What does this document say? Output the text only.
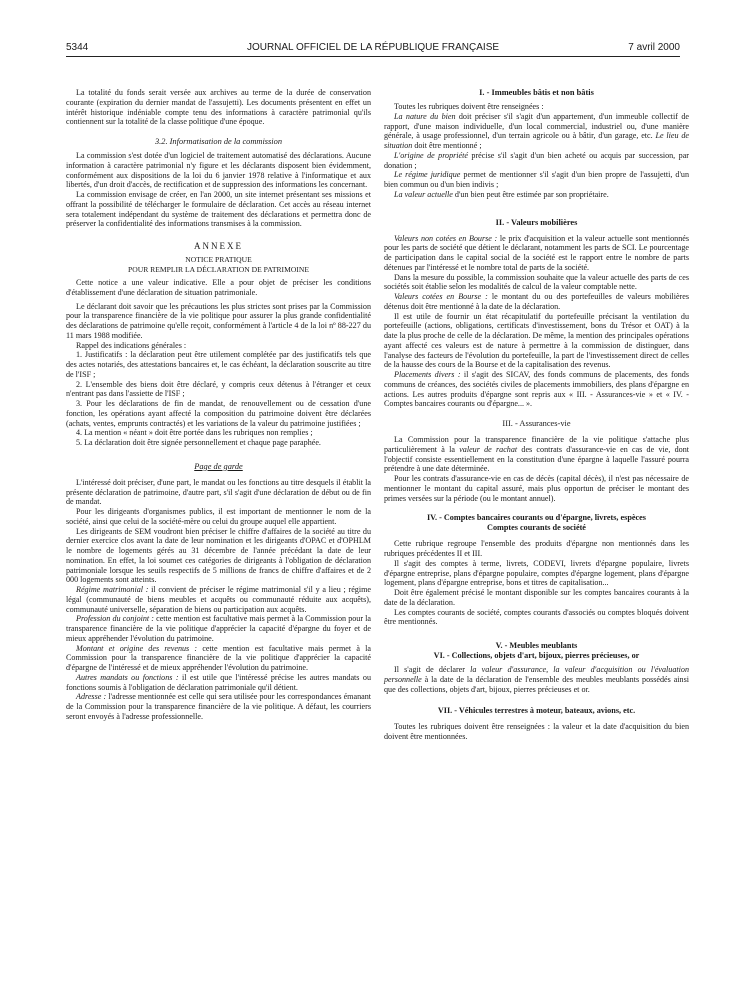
5344	JOURNAL OFFICIEL DE LA RÉPUBLIQUE FRANÇAISE	7 avril 2000

La totalité du fonds serait versée aux archives au terme de la durée de conservation courante (expiration du dernier mandat de l'assujetti). Les documents présentent en effet un intérêt historique indéniable compte tenu des informations à caractère patrimonial qu'ils contiennent sur la totalité de la classe politique d'une époque.

3.2. Informatisation de la commission

La commission s'est dotée d'un logiciel de traitement automatisé des déclarations. Aucune information à caractère patrimonial n'y figure et les déclarants disposent bien évidemment, conformément aux dispositions de la loi du 6 janvier 1978 relative à l'informatique et aux libertés, d'un droit d'accès, de rectification et de suppression des informations les concernant.

La commission envisage de créer, en l'an 2000, un site internet présentant ses missions et offrant la possibilité de télécharger le formulaire de déclaration. Cet accès au réseau internet sera totalement indépendant du système de traitement des déclarations et permettra donc de préserver la confidentialité des informations transmises à la commission.

ANNEXE
NOTICE PRATIQUE
POUR REMPLIR LA DÉCLARATION DE PATRIMOINE

Cette notice a une valeur indicative. Elle a pour objet de préciser les conditions d'établissement d'une déclaration de situation patrimoniale.

Le déclarant doit savoir que les précautions les plus strictes sont prises par la Commission pour la transparence financière de la vie politique pour assurer la plus grande confidentialité des déclarations de patrimoine qu'elle reçoit, conformément à l'article 4 de la loi nº 88-227 du 11 mars 1988 modifiée.

Rappel des indications générales :

1. Justificatifs : la déclaration peut être utilement complétée par des justificatifs tels que des actes notariés, des attestations bancaires et, le cas échéant, la déclaration souscrite au titre de l'ISF ;

2. L'ensemble des biens doit être déclaré, y compris ceux détenus à l'étranger et ceux n'entrant pas dans l'assiette de l'ISF ;

3. Pour les déclarations de fin de mandat, de renouvellement ou de cessation d'une fonction, les opérations ayant affecté la composition du patrimoine doivent être déclarées (achats, ventes, emprunts contractés) et les variations de la valeur du patrimoine justifiées ;

4. La mention « néant » doit être portée dans les rubriques non remplies ;

5. La déclaration doit être signée personnellement et chaque page paraphée.

Page de garde

L'intéressé doit préciser, d'une part, le mandat ou les fonctions au titre desquels il établit la présente déclaration de patrimoine, d'autre part, s'il s'agit d'une déclaration de début ou de fin de mandat.

Pour les dirigeants d'organismes publics, il est important de mentionner le nom de la société, ainsi que celui de la société-mère ou celui du groupe auquel elle appartient.

Les dirigeants de SEM voudront bien préciser le chiffre d'affaires de la société au titre du dernier exercice clos avant la date de leur nomination et les dirigeants d'OPAC et d'OPHLM le nombre de logements gérés au 31 décembre de l'année précédant la date de leur nomination. En effet, la loi soumet ces catégories de dirigeants à l'obligation de déclaration patrimoniale lorsque les seuils respectifs de 5 millions de francs de chiffre d'affaires et de 2 000 logements sont atteints.

Régime matrimonial : il convient de préciser le régime matrimonial s'il y a lieu ; régime légal (communauté de biens meubles et acquêts ou communauté réduite aux acquêts), communauté universelle, séparation de biens ou participation aux acquêts.

Profession du conjoint : cette mention est facultative mais permet à la Commission pour la transparence financière de la vie politique d'apprécier la capacité d'épargne du foyer et de mieux appréhender l'évolution du patrimoine.

Montant et origine des revenus : cette mention est facultative mais permet à la Commission pour la transparence financière de la vie politique d'apprécier la capacité d'épargne de l'intéressé et de mieux appréhender l'évolution du patrimoine.

Autres mandats ou fonctions : il est utile que l'intéressé précise les autres mandats ou fonctions soumis à l'obligation de déclaration patrimoniale qu'il détient.

Adresse : l'adresse mentionnée est celle qui sera utilisée pour les correspondances émanant de la Commission pour la transparence financière de la vie politique. A défaut, les courriers seront envoyés à l'adresse professionnelle.

I. - Immeubles bâtis et non bâtis

Toutes les rubriques doivent être renseignées :

La nature du bien doit préciser s'il s'agit d'un appartement, d'un immeuble collectif de rapport, d'une maison individuelle, d'un local commercial, industriel ou, d'une manière générale, à usage professionnel, d'un terrain agricole ou à bâtir, d'un garage, etc. Le lieu de situation doit être mentionné ;

L'origine de propriété précise s'il s'agit d'un bien acheté ou acquis par succession, par donation ;

Le régime juridique permet de mentionner s'il s'agit d'un bien propre de l'assujetti, d'un bien commun ou d'un bien indivis ;

La valeur actuelle d'un bien peut être estimée par son propriétaire.

II. - Valeurs mobilières

Valeurs non cotées en Bourse : le prix d'acquisition et la valeur actuelle sont mentionnés pour les parts de société que détient le déclarant, notamment les parts de SCI. Le pourcentage de participation dans le capital social de la société est le rapport entre le nombre de parts détenues par l'intéressé et le nombre total de parts de la société.

Dans la mesure du possible, la commission souhaite que la valeur actuelle des parts de ces sociétés soit établie selon les modalités de calcul de la valeur comptable nette.

Valeurs cotées en Bourse : le montant du ou des portefeuilles de valeurs mobilières détenus doit être mentionné à la date de la déclaration.

Il est utile de fournir un état récapitulatif du portefeuille précisant la ventilation du portefeuille (actions, obligations, certificats d'investissement, bons du Trésor et OAT) à la date la plus proche de celle de la déclaration. De même, la mention des principales opérations ayant affecté ces valeurs est de nature à permettre à la commission de distinguer, dans l'analyse des facteurs de l'évolution du portefeuille, la part de l'investissement direct de celles de la hausse des cours de la Bourse et de la capitalisation des revenus.

Placements divers : il s'agit des SICAV, des fonds communs de placements, des fonds communs de créances, des sociétés civiles de placements immobiliers, des plans d'épargne en actions. Les autres produits d'épargne sont repris aux « III. - Assurances-vie » et « IV. - Comptes bancaires courants ou d'épargne... ».

III. - Assurances-vie

La Commission pour la transparence financière de la vie politique s'attache plus particulièrement à la valeur de rachat des contrats d'assurance-vie en cas de vie, dont l'objectif consiste essentiellement en la constitution d'une épargne à laquelle l'assuré pourra prétendre à une date déterminée.

Pour les contrats d'assurance-vie en cas de décès (capital décès), il n'est pas nécessaire de mentionner le montant du capital assuré, mais plus opportun de préciser le montant des primes versées sur la période (ou le montant annuel).

IV. - Comptes bancaires courants ou d'épargne, livrets, espèces
Comptes courants de société

Cette rubrique regroupe l'ensemble des produits d'épargne non mentionnés dans les rubriques précédentes II et III.

Il s'agit des comptes à terme, livrets, CODEVI, livrets d'épargne populaire, livrets d'épargne entreprise, plans d'épargne populaire, comptes d'épargne logement, plans d'épargne logement, plans d'épargne entreprise, bons et titres de capitalisation...

Doit être également précisé le montant disponible sur les comptes bancaires courants à la date de la déclaration.

Les comptes courants de société, comptes courants d'associés ou comptes bloqués doivent être mentionnés.

V. - Meubles meublants
VI. - Collections, objets d'art, bijoux, pierres précieuses, or

Il s'agit de déclarer la valeur d'assurance, la valeur d'acquisition ou l'évaluation personnelle à la date de la déclaration de l'ensemble des meubles meublants possédés ainsi que des collections, objets d'art, bijoux, pierres précieuses et or.

VII. - Véhicules terrestres à moteur, bateaux, avions, etc.

Toutes les rubriques doivent être renseignées : la valeur et la date d'acquisition du bien doivent être mentionnées.
